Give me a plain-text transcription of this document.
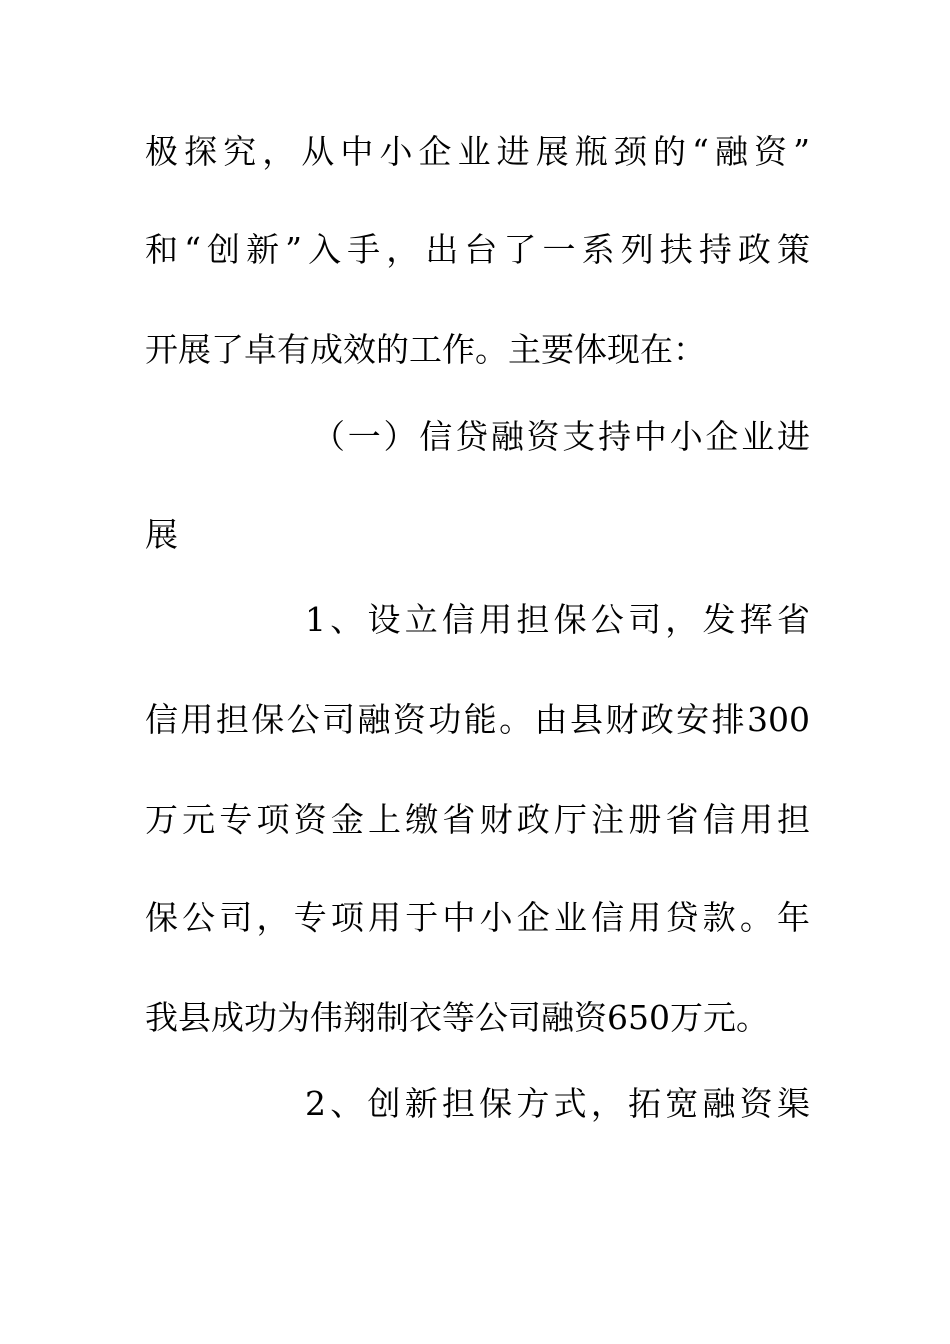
极探究，从中小企业进展瓶颈的“融资”
和“创新”入手，出台了一系列扶持政策
开展了卓有成效的工作。主要体现在：
（一）信贷融资支持中小企业进
展
1、设立信用担保公司，发挥省
信用担保公司融资功能。由县财政安排300
万元专项资金上缴省财政厅注册省信用担
保公司，专项用于中小企业信用贷款。年
我县成功为伟翔制衣等公司融资650万元。
2、创新担保方式，拓宽融资渠
